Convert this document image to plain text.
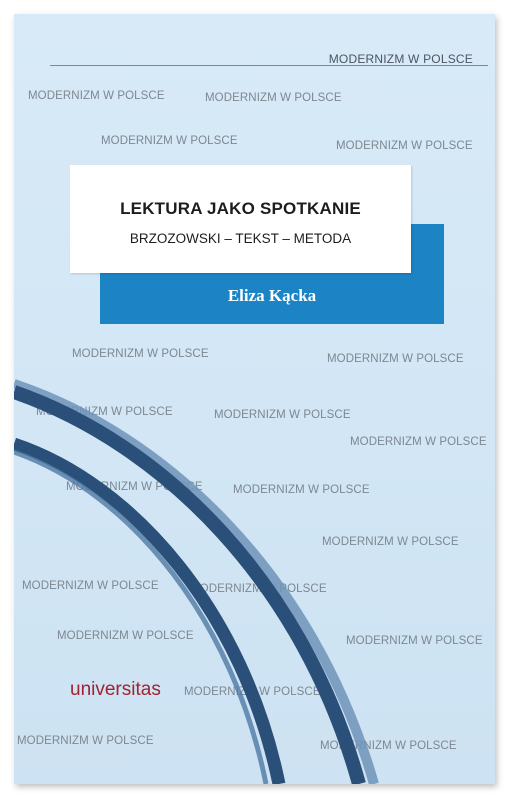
MODERNIZM W POLSCE
MODERNIZM W POLSCE	MODERNIZM W POLSCE
MODERNIZM W POLSCE	MODERNIZM W POLSCE
MODERNIZM W POLSCE	MODERNIZM W POLSCE
MODERNIZM W POLSCE	MODERNIZM W POLSCE
MODERNIZM W POLSCE
MODERNIZM W POLSCE	MODERNIZM W POLSCE
MODERNIZM W POLSCE
MODERNIZM W POLSCE	MODERNIZM W POLSCE
MODERNIZM W POLSCE	MODERNIZM W POLSCE
MODERNIZM W POLSCE
MODERNIZM W POLSCE	MODERNIZM W POLSCE
Eliza Kącka
LEKTURA JAKO SPOTKANIE
BRZOZOWSKI – TEKST – METODA
universitas
